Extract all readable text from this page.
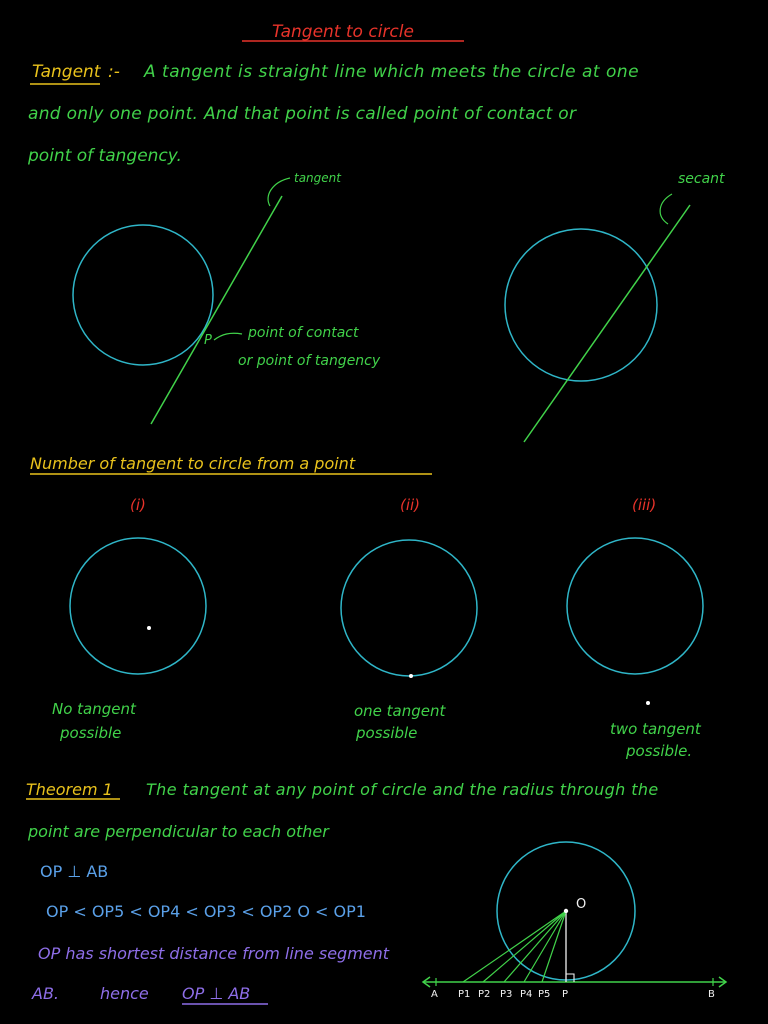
Tangent to circle
Tangent :- A tangent is straight line which meets the circle at one
and only one point. And that point is called point of contact or
point of tangency.
tangent
P	point of contact
or point of tangency
secant
Number of tangent to circle from a point
(i)	(ii)	(iii)
No tangent
possible
one tangent
possible	two tangent
possible.
Theorem 1 The tangent at any point of circle and the radius through the
point are perpendicular to each other
OP ⊥ AB
OP < OP5 < OP4 < OP3 < OP2 O < OP1
OP has shortest distance from line segment
AB.	hence OP ⊥ AB
O
A P1 P2 P3 P4 P5 P	B
